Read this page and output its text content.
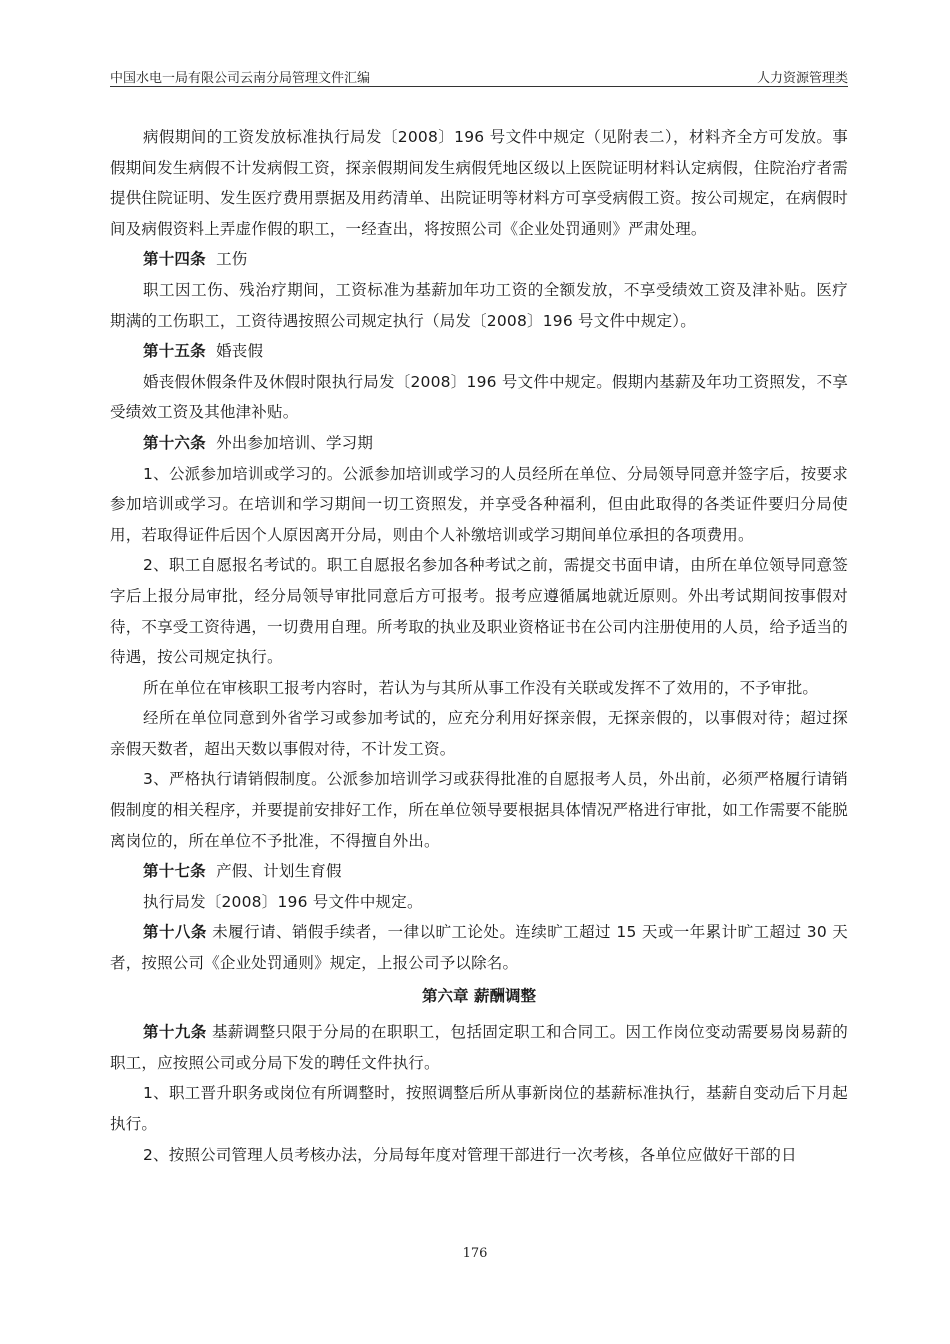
中国水电一局有限公司云南分局管理文件汇编	人力资源管理类

病假期间的工资发放标准执行局发〔2008〕196 号文件中规定（见附表二），材料齐全方可发放。事假期间发生病假不计发病假工资，探亲假期间发生病假凭地区级以上医院证明材料认定病假，住院治疗者需提供住院证明、发生医疗费用票据及用药清单、出院证明等材料方可享受病假工资。按公司规定，在病假时间及病假资料上弄虚作假的职工，一经查出，将按照公司《企业处罚通则》严肃处理。

第十四条 工伤

职工因工伤、残治疗期间，工资标准为基薪加年功工资的全额发放，不享受绩效工资及津补贴。医疗期满的工伤职工，工资待遇按照公司规定执行（局发〔2008〕196 号文件中规定）。

第十五条 婚丧假

婚丧假休假条件及休假时限执行局发〔2008〕196 号文件中规定。假期内基薪及年功工资照发，不享受绩效工资及其他津补贴。

第十六条 外出参加培训、学习期

1、公派参加培训或学习的。公派参加培训或学习的人员经所在单位、分局领导同意并签字后，按要求参加培训或学习。在培训和学习期间一切工资照发，并享受各种福利，但由此取得的各类证件要归分局使用，若取得证件后因个人原因离开分局，则由个人补缴培训或学习期间单位承担的各项费用。

2、职工自愿报名考试的。职工自愿报名参加各种考试之前，需提交书面申请，由所在单位领导同意签字后上报分局审批，经分局领导审批同意后方可报考。报考应遵循属地就近原则。外出考试期间按事假对待，不享受工资待遇，一切费用自理。所考取的执业及职业资格证书在公司内注册使用的人员，给予适当的待遇，按公司规定执行。

所在单位在审核职工报考内容时，若认为与其所从事工作没有关联或发挥不了效用的，不予审批。

经所在单位同意到外省学习或参加考试的，应充分利用好探亲假，无探亲假的，以事假对待；超过探亲假天数者，超出天数以事假对待，不计发工资。

3、严格执行请销假制度。公派参加培训学习或获得批准的自愿报考人员，外出前，必须严格履行请销假制度的相关程序，并要提前安排好工作，所在单位领导要根据具体情况严格进行审批，如工作需要不能脱离岗位的，所在单位不予批准，不得擅自外出。

第十七条 产假、计划生育假

执行局发〔2008〕196 号文件中规定。

第十八条 未履行请、销假手续者，一律以旷工论处。连续旷工超过 15 天或一年累计旷工超过 30 天者，按照公司《企业处罚通则》规定，上报公司予以除名。

第六章 薪酬调整

第十九条 基薪调整只限于分局的在职职工，包括固定职工和合同工。因工作岗位变动需要易岗易薪的职工，应按照公司或分局下发的聘任文件执行。

1、职工晋升职务或岗位有所调整时，按照调整后所从事新岗位的基薪标准执行，基薪自变动后下月起执行。

2、按照公司管理人员考核办法，分局每年度对管理干部进行一次考核，各单位应做好干部的日

176
